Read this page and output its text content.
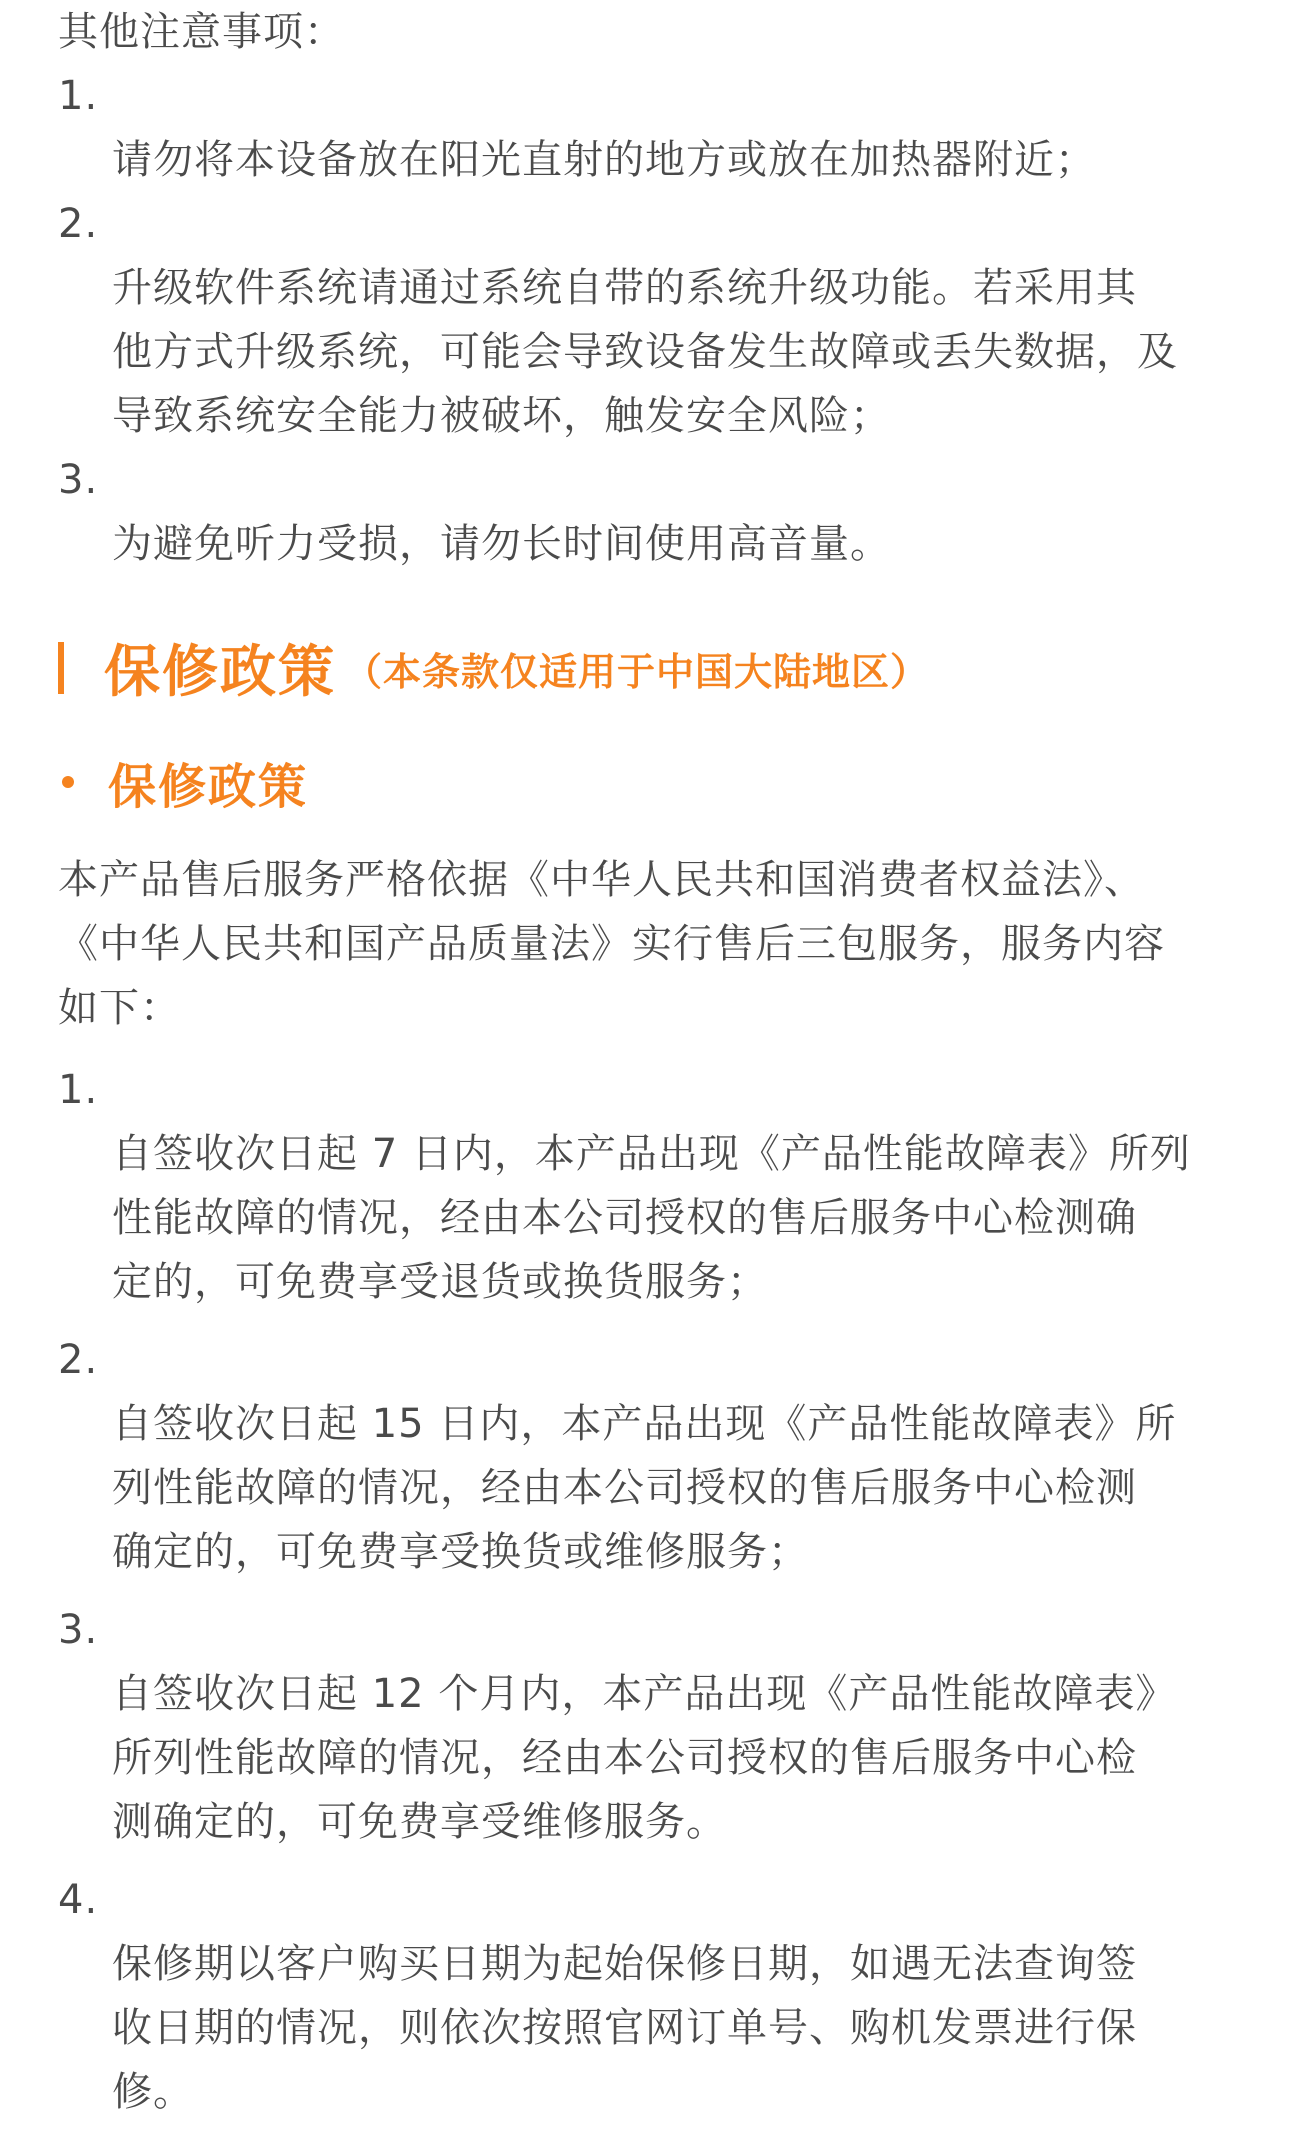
其他注意事项：

1.
请勿将本设备放在阳光直射的地方或放在加热器附近；

2.
升级软件系统请通过系统自带的系统升级功能。若采用其
他方式升级系统，可能会导致设备发生故障或丢失数据，及
导致系统安全能力被破坏，触发安全风险；

3.
为避免听力受损，请勿长时间使用高音量。

保修政策 （本条款仅适用于中国大陆地区）
保修政策
本产品售后服务严格依据《中华人民共和国消费者权益法》、
《中华人民共和国产品质量法》实行售后三包服务，服务内容
如下：

1.
自签收次日起 7 日内，本产品出现《产品性能故障表》所列
性能故障的情况，经由本公司授权的售后服务中心检测确
定的，可免费享受退货或换货服务；

2.
自签收次日起 15 日内，本产品出现《产品性能故障表》所
列性能故障的情况，经由本公司授权的售后服务中心检测
确定的，可免费享受换货或维修服务；

3.
自签收次日起 12 个月内，本产品出现《产品性能故障表》
所列性能故障的情况，经由本公司授权的售后服务中心检
测确定的，可免费享受维修服务。

4.
保修期以客户购买日期为起始保修日期，如遇无法查询签
收日期的情况，则依次按照官网订单号、购机发票进行保
修。
